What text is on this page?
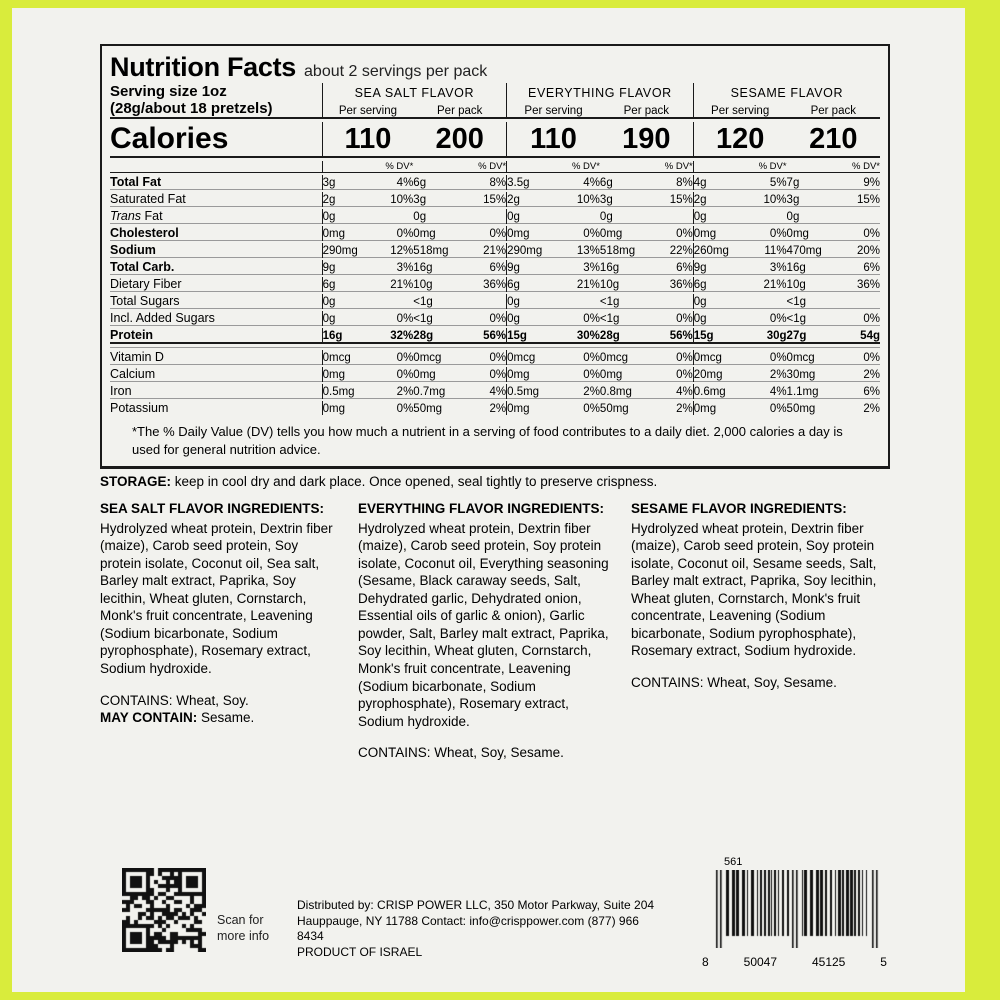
Nutrition Facts about 2 servings per pack
Serving size 1oz	SEA SALT FLAVOR				EVERYTHING FLAVOR				SESAME FLAVOR			
(28g/about 18 pretzels)	Per serving		Per pack		Per serving		Per pack		Per serving		Per pack	

Calories	110		200		110		190		120		210	

		% DV*		% DV*		% DV*		% DV*		% DV*		% DV*

Total Fat	3g	4%	6g	8%	3.5g	4%	6g	8%	4g	5%	7g	9%

Saturated Fat	2g	10%	3g	15%	2g	10%	3g	15%	2g	10%	3g	15%

Trans Fat	0g		0g		0g		0g		0g		0g	

Cholesterol	0mg	0%	0mg	0%	0mg	0%	0mg	0%	0mg	0%	0mg	0%

Sodium	290mg	12%	518mg	21%	290mg	13%	518mg	22%	260mg	11%	470mg	20%

Total Carb.	9g	3%	16g	6%	9g	3%	16g	6%	9g	3%	16g	6%

Dietary Fiber	6g	21%	10g	36%	6g	21%	10g	36%	6g	21%	10g	36%

Total Sugars	0g		<1g		0g		<1g		0g		<1g	

Incl. Added Sugars	0g	0%	<1g	0%	0g	0%	<1g	0%	0g	0%	<1g	0%

Protein	16g	32%	28g	56%	15g	30%	28g	56%	15g	30g	27g	54g

Vitamin D	0mcg	0%	0mcg	0%	0mcg	0%	0mcg	0%	0mcg	0%	0mcg	0%

Calcium	0mg	0%	0mg	0%	0mg	0%	0mg	0%	20mg	2%	30mg	2%

Iron	0.5mg	2%	0.7mg	4%	0.5mg	2%	0.8mg	4%	0.6mg	4%	1.1mg	6%

Potassium	0mg	0%	50mg	2%	0mg	0%	50mg	2%	0mg	0%	50mg	2%
*The % Daily Value (DV) tells you how much a nutrient in a serving of food contributes to a daily diet. 2,000 calories a day is used for general nutrition advice.
STORAGE: keep in cool dry and dark place. Once opened, seal tightly to preserve crispness.
SEA SALT FLAVOR INGREDIENTS:
Hydrolyzed wheat protein, Dextrin fiber (maize), Carob seed protein, Soy protein isolate, Coconut oil, Sea salt, Barley malt extract, Paprika, Soy lecithin, Wheat gluten, Cornstarch, Monk's fruit concentrate, Leavening (Sodium bicarbonate, Sodium pyrophosphate), Rosemary extract, Sodium hydroxide.
CONTAINS: Wheat, Soy.
MAY CONTAIN: Sesame.
EVERYTHING FLAVOR INGREDIENTS:
Hydrolyzed wheat protein, Dextrin fiber (maize), Carob seed protein, Soy protein isolate, Coconut oil, Everything seasoning (Sesame, Black caraway seeds, Salt, Dehydrated garlic, Dehydrated onion, Essential oils of garlic & onion), Garlic powder, Salt, Barley malt extract, Paprika, Soy lecithin, Wheat gluten, Cornstarch, Monk's fruit concentrate, Leavening (Sodium bicarbonate, Sodium pyrophosphate), Rosemary extract, Sodium hydroxide.
CONTAINS: Wheat, Soy, Sesame.
SESAME FLAVOR INGREDIENTS:
Hydrolyzed wheat protein, Dextrin fiber (maize), Carob seed protein, Soy protein isolate, Coconut oil, Sesame seeds, Salt, Barley malt extract, Paprika, Soy lecithin, Wheat gluten, Cornstarch, Monk's fruit concentrate, Leavening (Sodium bicarbonate, Sodium pyrophosphate), Rosemary extract, Sodium hydroxide.
CONTAINS: Wheat, Soy, Sesame.
Scan for
more info
Distributed by: CRISP POWER LLC, 350 Motor Parkway, Suite 204
Hauppauge, NY 11788 Contact: info@crisppower.com (877) 966 8434
PRODUCT OF ISRAEL
561
8	50047	45125	5
